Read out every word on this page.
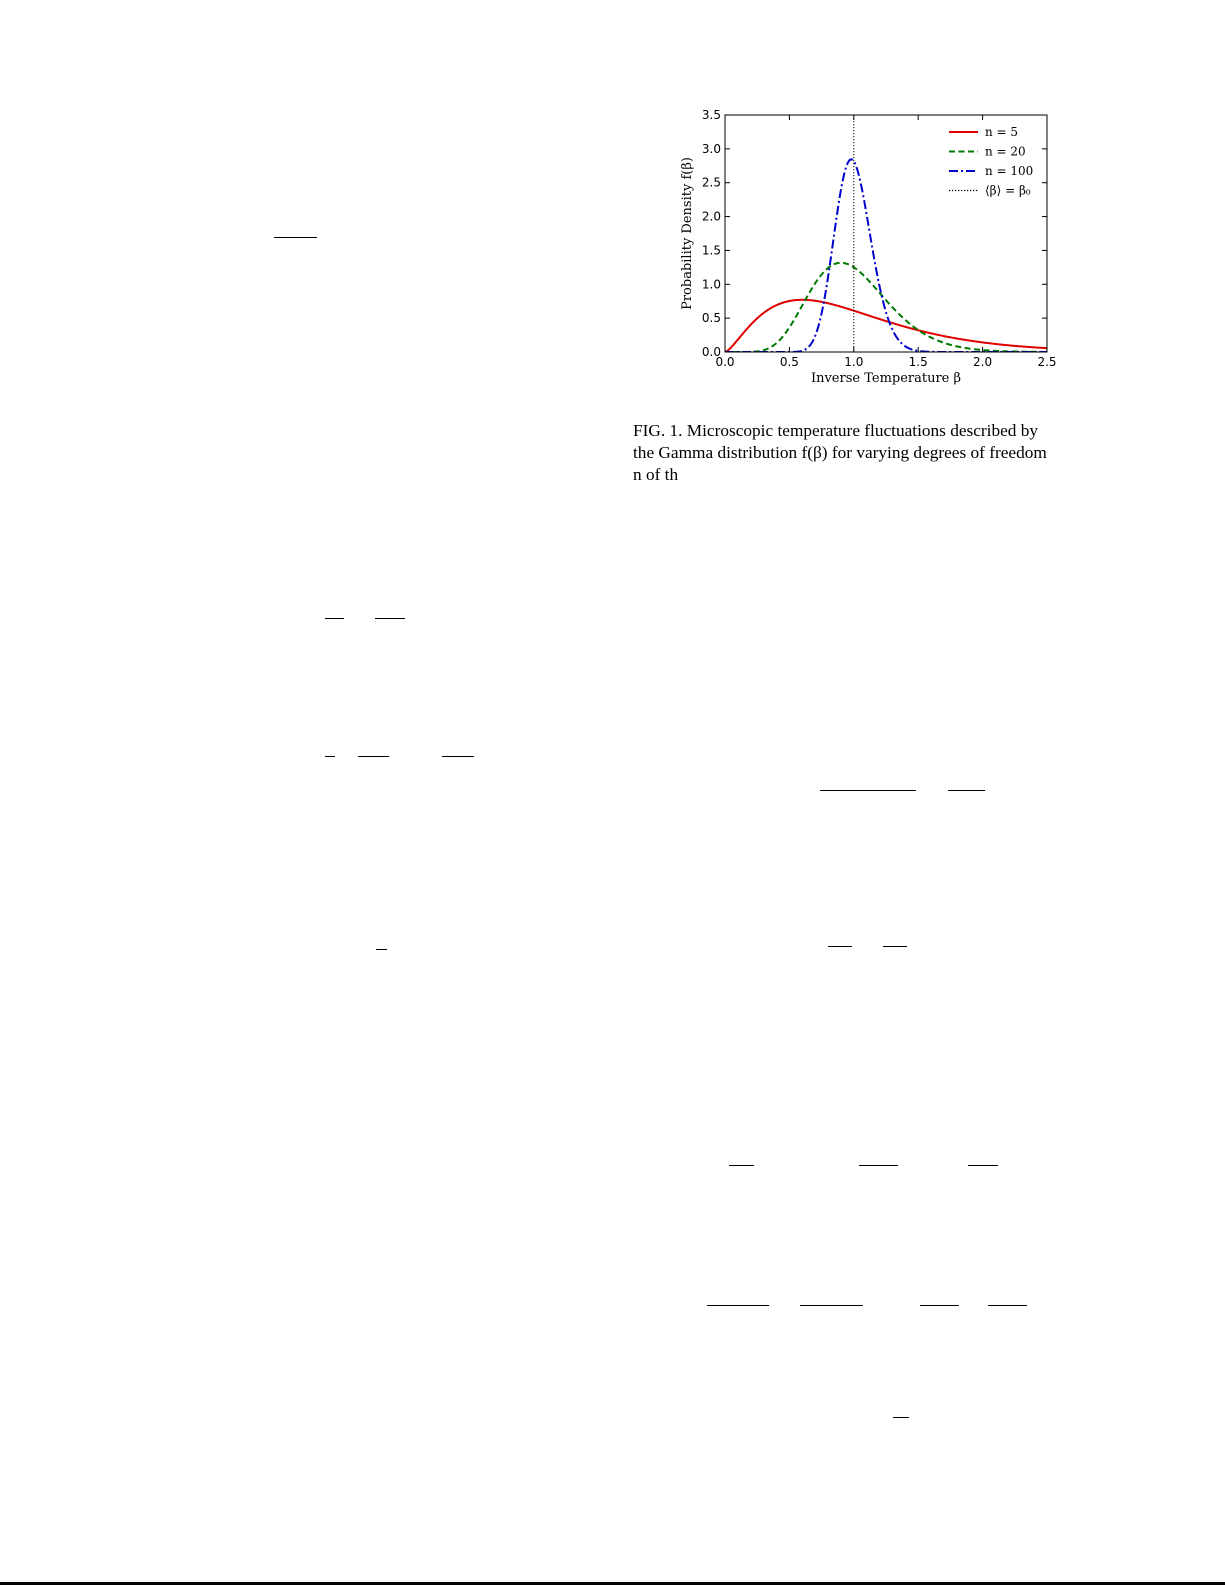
0.0	0.5	1.0	1.5	2.0	2.5
0.0
0.5
1.0
1.5
2.0
2.5
3.0
3.5
Inverse Temperature β
Probability Density f(β)
n = 5
n = 20
n = 100
⟨β⟩ = β₀
FIG. 1. Microscopic temperature fluctuations described by
the Gamma distribution f(β) for varying degrees of freedom
n of th
